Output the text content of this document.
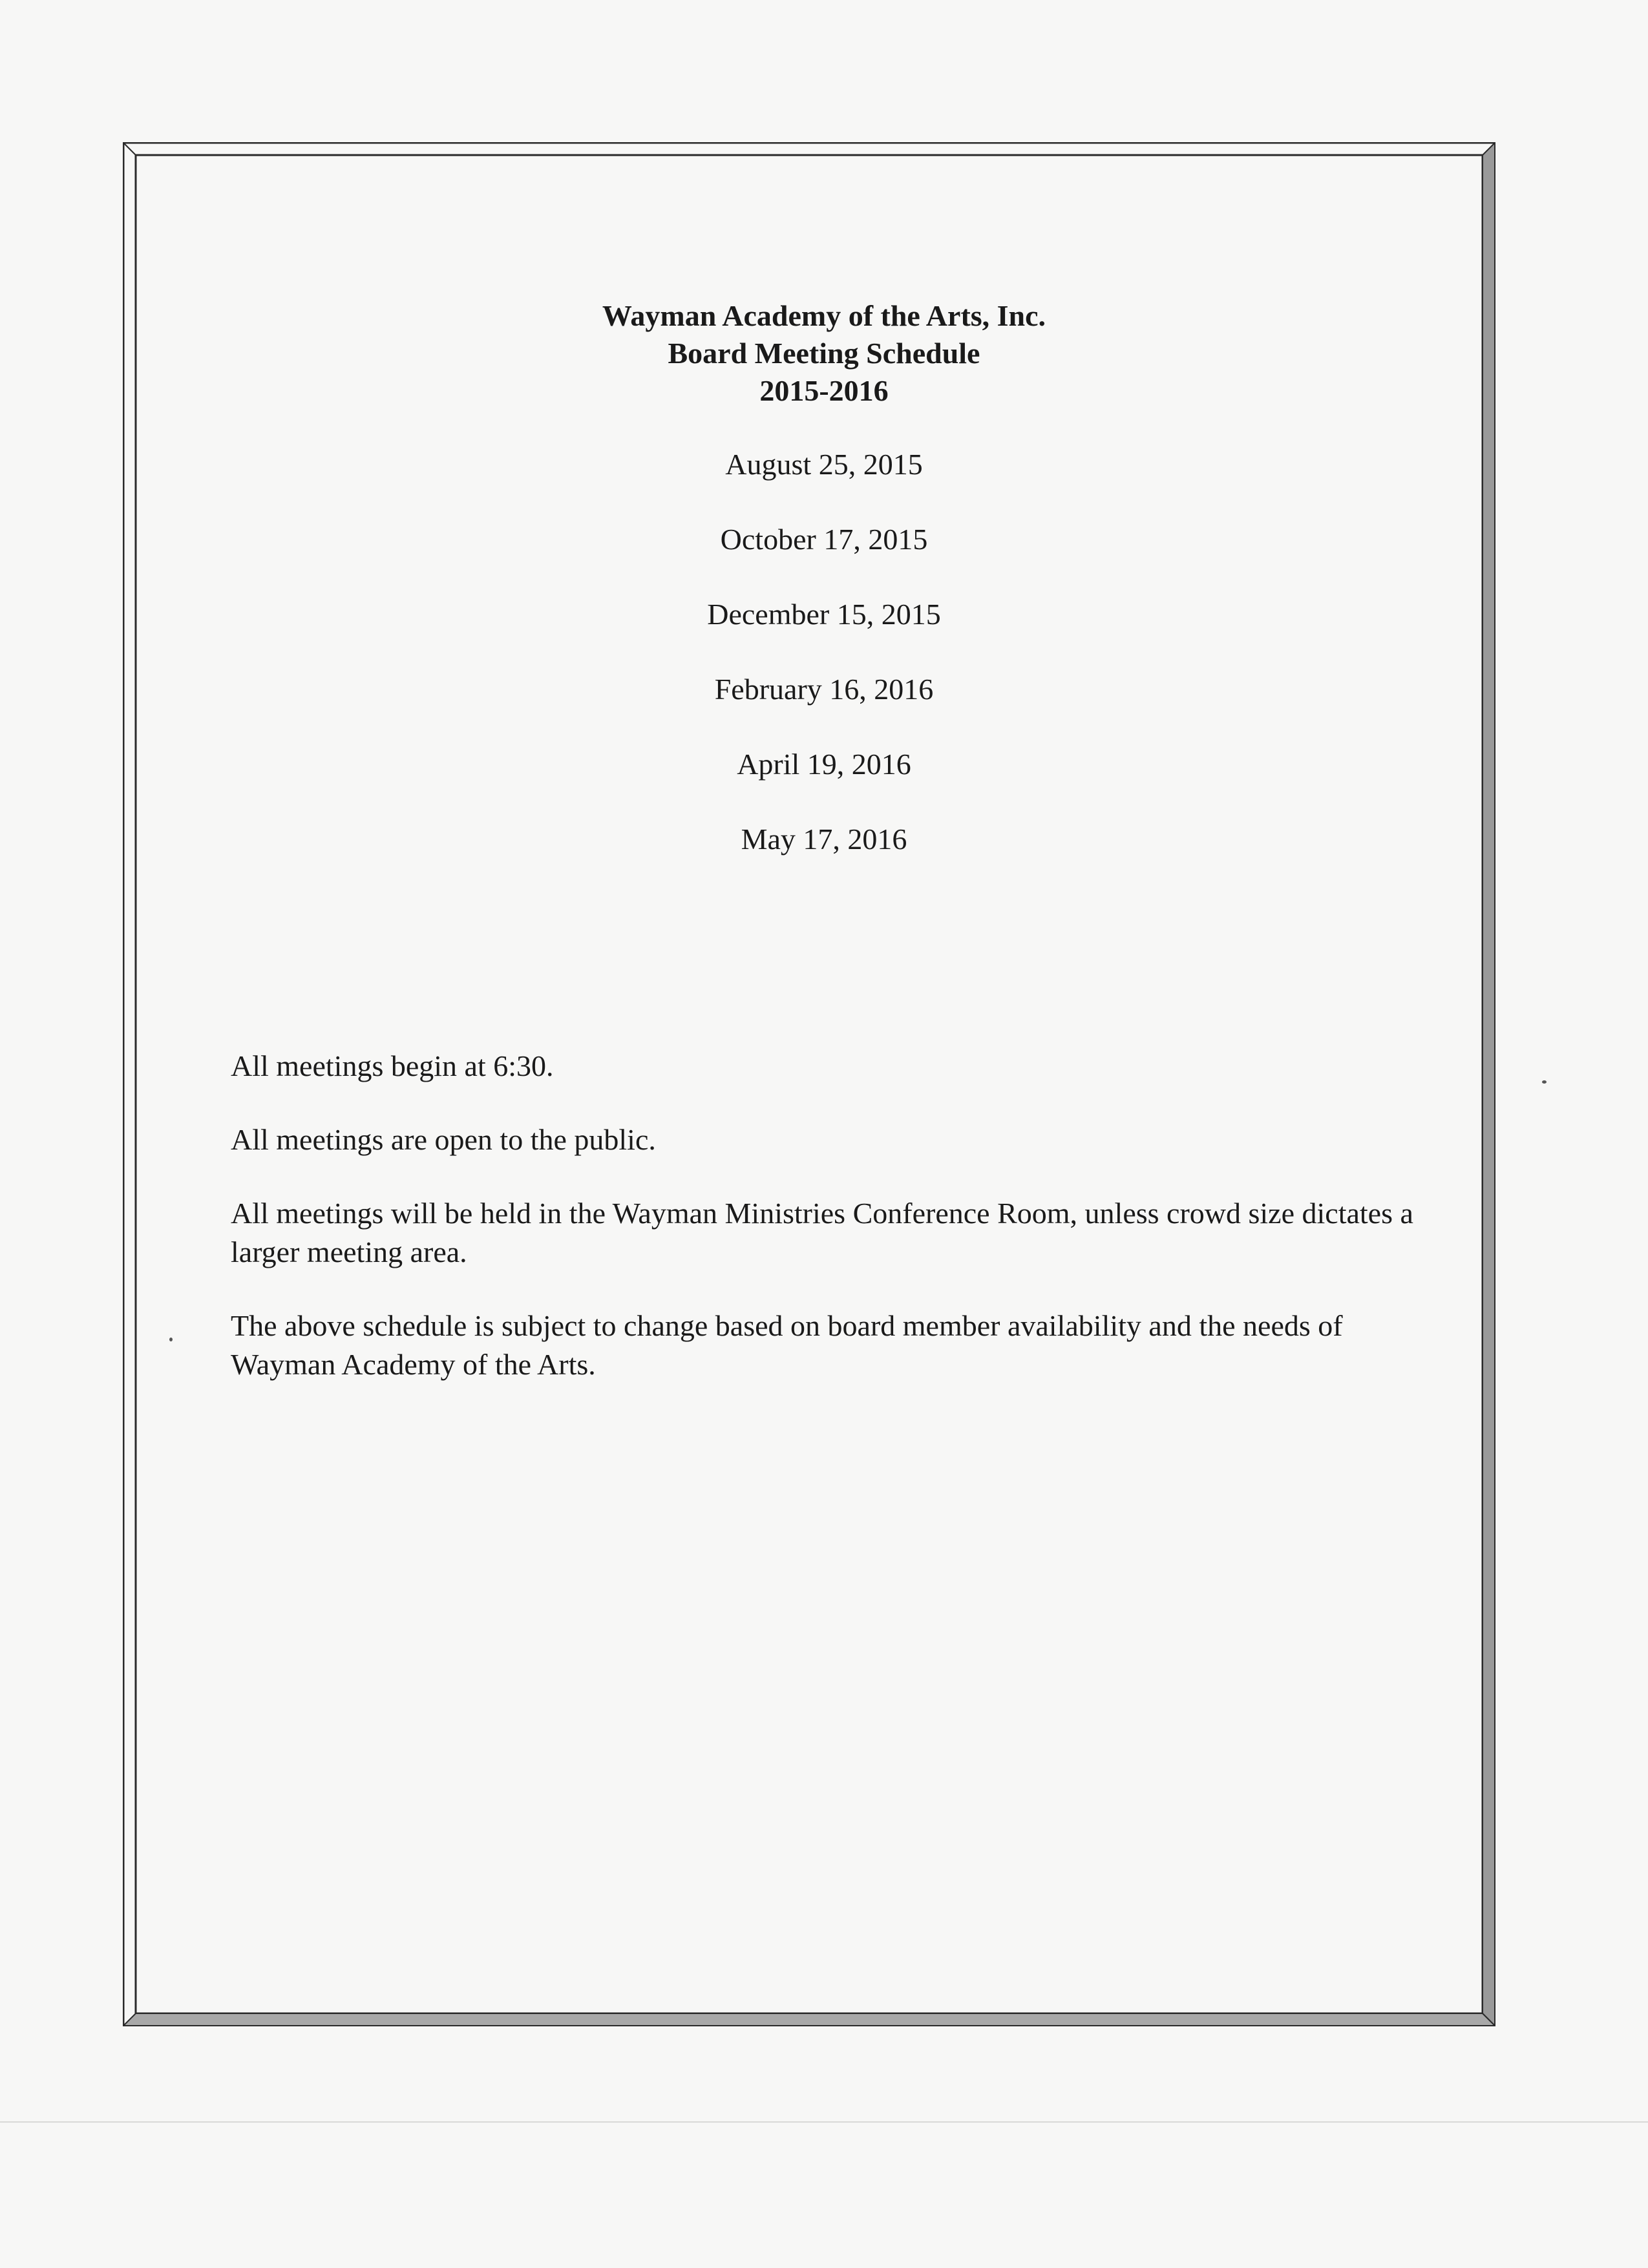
Wayman Academy of the Arts, Inc.
Board Meeting Schedule
2015-2016
August 25, 2015
October 17, 2015
December 15, 2015
February 16, 2016
April 19, 2016
May 17, 2016

All meetings begin at 6:30.

All meetings are open to the public.

All meetings will be held in the Wayman Ministries Conference Room, unless crowd size dictates a larger meeting area.

The above schedule is subject to change based on board member availability and the needs of Wayman Academy of the Arts.
